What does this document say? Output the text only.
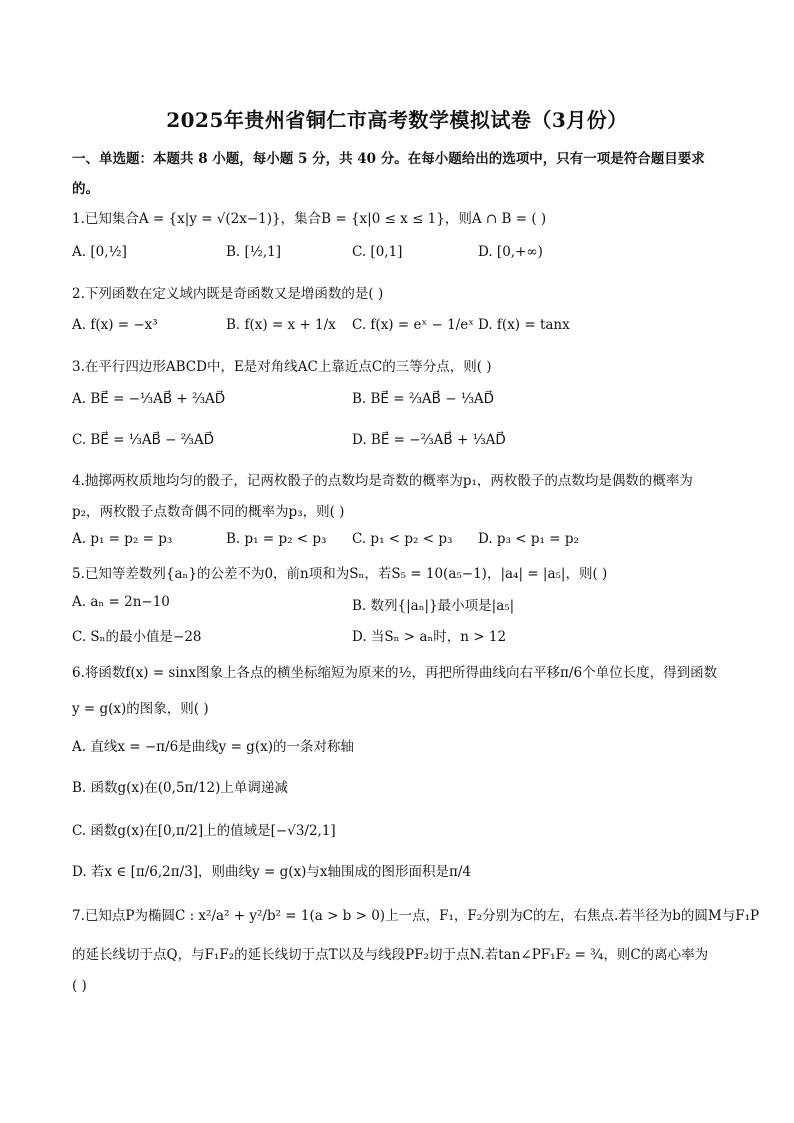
2025年贵州省铜仁市高考数学模拟试卷（3月份）
一、单选题：本题共 8 小题，每小题 5 分，共 40 分。在每小题给出的选项中，只有一项是符合题目要求
的。
1.已知集合A = {x|y = √(2x−1)}，集合B = {x|0 ≤ x ≤ 1}，则A ∩ B = ( )
A. [0,½]	B. [½,1]	C. [0,1]	D. [0,+∞)
2.下列函数在定义域内既是奇函数又是增函数的是( )
A. f(x) = −x³	B. f(x) = x + 1/x C. f(x) = eˣ − 1/eˣ D. f(x) = tanx
3.在平行四边形ABCD中，E是对角线AC上靠近点C的三等分点，则( )
A. BE⃗ = −⅓AB⃗ + ⅔AD⃗	B. BE⃗ = ⅔AB⃗ − ⅓AD⃗
C. BE⃗ = ⅓AB⃗ − ⅔AD⃗	D. BE⃗ = −⅔AB⃗ + ⅓AD⃗
4.抛掷两枚质地均匀的骰子，记两枚骰子的点数均是奇数的概率为p₁，两枚骰子的点数均是偶数的概率为
p₂，两枚骰子点数奇偶不同的概率为p₃，则( )
A. p₁ = p₂ = p₃	B. p₁ = p₂ < p₃ C. p₁ < p₂ < p₃ D. p₃ < p₁ = p₂
5.已知等差数列{aₙ}的公差不为0，前n项和为Sₙ，若S₅ = 10(a₅−1)，|a₄| = |a₅|，则( )
A. aₙ = 2n−10	B. 数列{|aₙ|}最小项是|a₅|
C. Sₙ的最小值是−28	D. 当Sₙ > aₙ时，n > 12
6.将函数f(x) = sinx图象上各点的横坐标缩短为原来的½，再把所得曲线向右平移π/6个单位长度，得到函数
y = g(x)的图象，则( )
A. 直线x = −π/6是曲线y = g(x)的一条对称轴
B. 函数g(x)在(0,5π/12)上单调递减
C. 函数g(x)在[0,π/2]上的值域是[−√3/2,1]
D. 若x ∈ [π/6,2π/3]，则曲线y = g(x)与x轴围成的图形面积是π/4
7.已知点P为椭圆C : x²/a² + y²/b² = 1(a > b > 0)上一点，F₁，F₂分别为C的左，右焦点.若半径为b的圆M与F₁P
的延长线切于点Q，与F₁F₂的延长线切于点T以及与线段PF₂切于点N.若tan∠PF₁F₂ = ¾，则C的离心率为
( )
